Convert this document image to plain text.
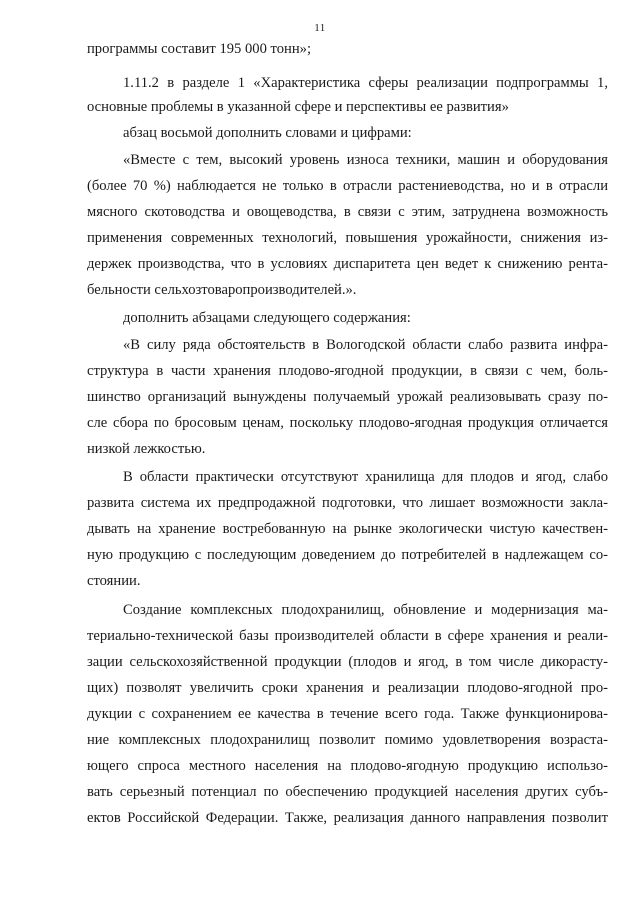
11
программы составит 195 000 тонн»;
1.11.2 в разделе 1 «Характеристика сферы реализации подпрограммы 1,
основные проблемы в указанной сфере и перспективы ее развития»
абзац восьмой дополнить словами и цифрами:
«Вместе с тем, высокий уровень износа техники, машин и оборудования
(более 70 %) наблюдается не только в отрасли растениеводства, но и в отрасли
мясного скотоводства и овощеводства, в связи с этим, затруднена возможность
применения современных технологий, повышения урожайности, снижения из-
держек производства, что в условиях диспаритета цен ведет к снижению рента-
бельности сельхозтоваропроизводителей.».
дополнить абзацами следующего содержания:
«В силу ряда обстоятельств в Вологодской области слабо развита инфра-
структура в части хранения плодово-ягодной продукции, в связи с чем, боль-
шинство организаций вынуждены получаемый урожай реализовывать сразу по-
сле сбора по бросовым ценам, поскольку плодово-ягодная продукция отличается
низкой лежкостью.
В области практически отсутствуют хранилища для плодов и ягод, слабо
развита система их предпродажной подготовки, что лишает возможности закла-
дывать на хранение востребованную на рынке экологически чистую качествен-
ную продукцию с последующим доведением до потребителей в надлежащем со-
стоянии.
Создание комплексных плодохранилищ, обновление и модернизация ма-
териально-технической базы производителей области в сфере хранения и реали-
зации сельскохозяйственной продукции (плодов и ягод, в том числе дикорасту-
щих) позволят увеличить сроки хранения и реализации плодово-ягодной про-
дукции с сохранением ее качества в течение всего года. Также функционирова-
ние комплексных плодохранилищ позволит помимо удовлетворения возраста-
ющего спроса местного населения на плодово-ягодную продукцию использо-
вать серьезный потенциал по обеспечению продукцией населения других субъ-
ектов Российской Федерации. Также, реализация данного направления позволит
